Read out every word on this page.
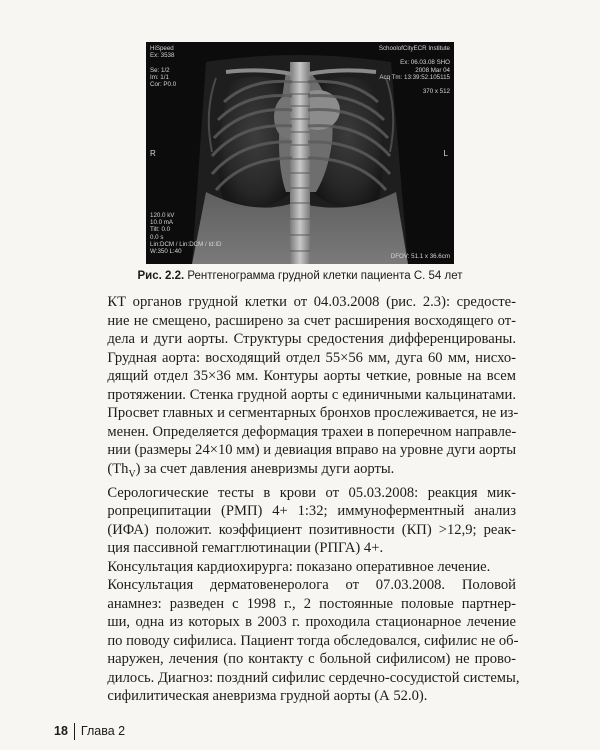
HiSpeed
Ex: 3538

Se: 1/2
Im: 1/1
Cor: P0.0
SchoolofCityECR Institute

Ex: 06.03.08 SHO
2008 Mar 04
Acq Tm: 13:39:52.105115

370 x 512
R	L
120.0 kV
10.0 mA
Tilt: 0.0
0.0 s
Lin:DCM / Lin:DCM / Id:ID
W:350 L:40
DFOV: 51.1 x 36.6cm
Рис. 2.2. Рентгенограмма грудной клетки пациента С. 54 лет

КТ органов грудной клетки от 04.03.2008 (рис. 2.3): средосте-
ние не смещено, расширено за счет расширения восходящего от-
дела и дуги аорты. Структуры средостения дифференцированы.
Грудная аорта: восходящий отдел 55×56 мм, дуга 60 мм, нисхо-
дящий отдел 35×36 мм. Контуры аорты четкие, ровные на всем
протяжении. Стенка грудной аорты с единичными кальцинатами.
Просвет главных и сегментарных бронхов прослеживается, не из-
менен. Определяется деформация трахеи в поперечном направле-
нии (размеры 24×10 мм) и девиация вправо на уровне дуги аорты
$(Th_V)$ за счет давления аневризмы дуги аорты.

Серологические тесты в крови от 05.03.2008: реакция мик-
ропреципитации (РМП) 4+ 1:32; иммуноферментный анализ
(ИФА) положит. коэффициент позитивности (КП) >12,9; реак-
ция пассивной гемагглютинации (РПГА) 4+.

Консультация кардиохирурга: показано оперативное лечение.

Консультация дерматовенеролога от 07.03.2008. Половой
анамнез: разведен с 1998 г., 2 постоянные половые партнер-
ши, одна из которых в 2003 г. проходила стационарное лечение
по поводу сифилиса. Пациент тогда обследовался, сифилис не об-
наружен, лечения (по контакту с больной сифилисом) не прово-
дилось. Диагноз: поздний сифилис сердечно-сосудистой системы,
сифилитическая аневризма грудной аорты (А 52.0).

18 Глава 2
